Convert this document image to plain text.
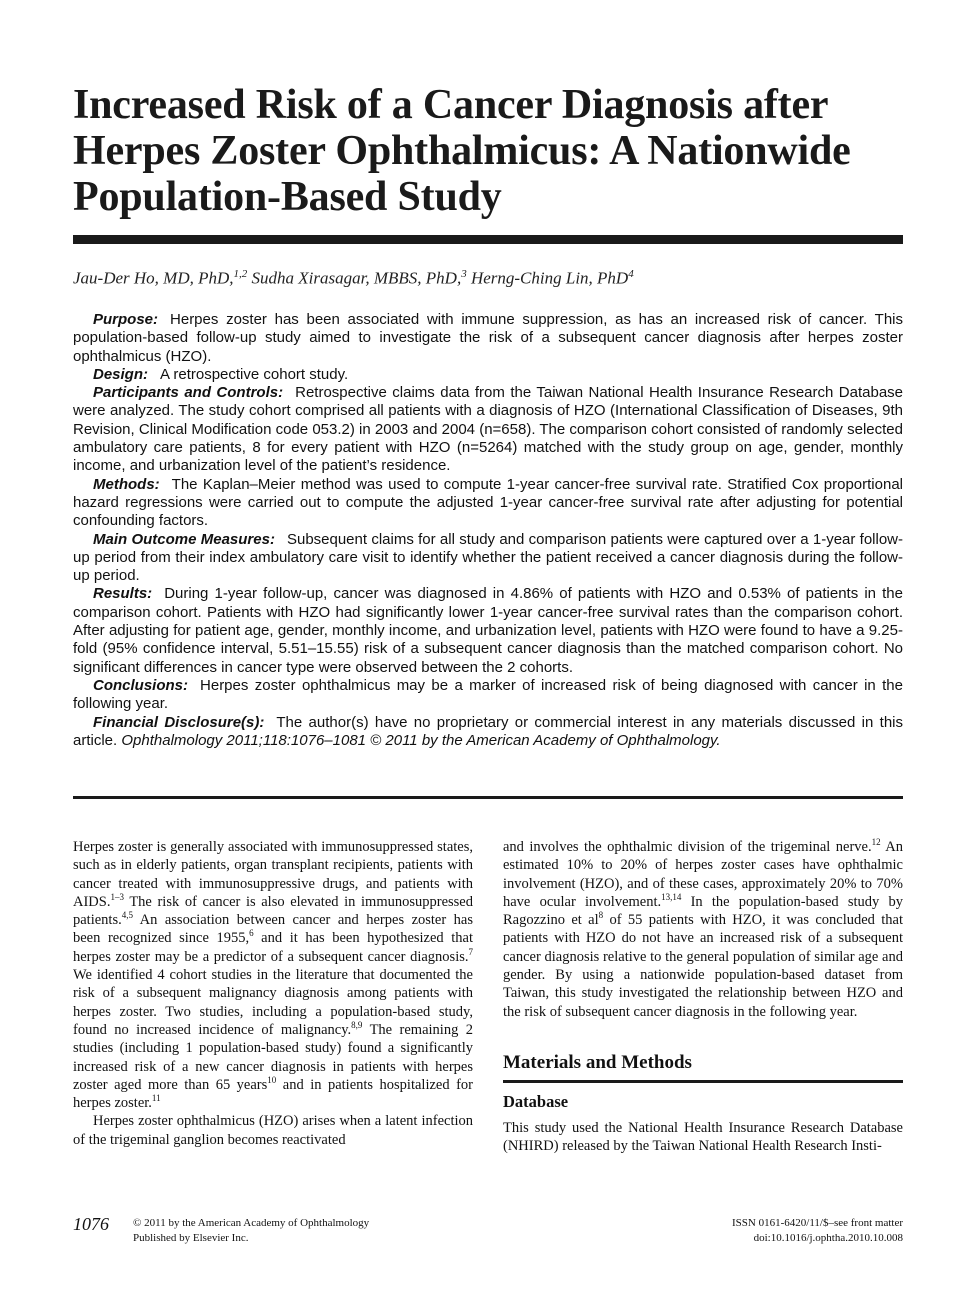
Increased Risk of a Cancer Diagnosis after Herpes Zoster Ophthalmicus: A Nationwide Population-Based Study
Jau-Der Ho, MD, PhD,$^{1,2}$ Sudha Xirasagar, MBBS, PhD,$^3$ Herng-Ching Lin, PhD$^4$

Purpose: Herpes zoster has been associated with immune suppression, as has an increased risk of cancer. This population-based follow-up study aimed to investigate the risk of a subsequent cancer diagnosis after herpes zoster ophthalmicus (HZO).

Design: A retrospective cohort study.

Participants and Controls: Retrospective claims data from the Taiwan National Health Insurance Research Database were analyzed. The study cohort comprised all patients with a diagnosis of HZO (International Classification of Diseases, 9th Revision, Clinical Modification code 053.2) in 2003 and 2004 (n=658). The comparison cohort consisted of randomly selected ambulatory care patients, 8 for every patient with HZO (n=5264) matched with the study group on age, gender, monthly income, and urbanization level of the patient’s residence.

Methods: The Kaplan–Meier method was used to compute 1-year cancer-free survival rate. Stratified Cox proportional hazard regressions were carried out to compute the adjusted 1-year cancer-free survival rate after adjusting for potential confounding factors.

Main Outcome Measures: Subsequent claims for all study and comparison patients were captured over a 1-year follow-up period from their index ambulatory care visit to identify whether the patient received a cancer diagnosis during the follow-up period.

Results: During 1-year follow-up, cancer was diagnosed in 4.86% of patients with HZO and 0.53% of patients in the comparison cohort. Patients with HZO had significantly lower 1-year cancer-free survival rates than the comparison cohort. After adjusting for patient age, gender, monthly income, and urbanization level, patients with HZO were found to have a 9.25-fold (95% confidence interval, 5.51–15.55) risk of a subsequent cancer diagnosis than the matched comparison cohort. No significant differences in cancer type were observed between the 2 cohorts.

Conclusions: Herpes zoster ophthalmicus may be a marker of increased risk of being diagnosed with cancer in the following year.

Financial Disclosure(s): The author(s) have no proprietary or commercial interest in any materials discussed in this article. Ophthalmology 2011;118:1076–1081 © 2011 by the American Academy of Ophthalmology.

Herpes zoster is generally associated with immunosuppressed states, such as in elderly patients, organ transplant recipients, patients with cancer treated with immunosuppressive drugs, and patients with AIDS.$^{1-3}$ The risk of cancer is also elevated in immunosuppressed patients.$^{4,5}$ An association between cancer and herpes zoster has been recognized since 1955,$^6$ and it has been hypothesized that herpes zoster may be a predictor of a subsequent cancer diagnosis.$^7$ We identified 4 cohort studies in the literature that documented the risk of a subsequent malignancy diagnosis among patients with herpes zoster. Two studies, including a population-based study, found no increased incidence of malignancy.$^{8,9}$ The remaining 2 studies (including 1 population-based study) found a significantly increased risk of a new cancer diagnosis in patients with herpes zoster aged more than 65 years$^{10}$ and in patients hospitalized for herpes zoster.$^{11}$

Herpes zoster ophthalmicus (HZO) arises when a latent infection of the trigeminal ganglion becomes reactivated

and involves the ophthalmic division of the trigeminal nerve.$^{12}$ An estimated 10% to 20% of herpes zoster cases have ophthalmic involvement (HZO), and of these cases, approximately 20% to 70% have ocular involvement.$^{13,14}$ In the population-based study by Ragozzino et $al^8$ of 55 patients with HZO, it was concluded that patients with HZO do not have an increased risk of a subsequent cancer diagnosis relative to the general population of similar age and gender. By using a nationwide population-based dataset from Taiwan, this study investigated the relationship between HZO and the risk of subsequent cancer diagnosis in the following year.

Materials and Methods
Database

This study used the National Health Insurance Research Database (NHIRD) released by the Taiwan National Health Research Insti-

1076 © 2011 by the American Academy of Ophthalmology
Published by Elsevier Inc.
ISSN 0161-6420/11/$–see front matter
doi:10.1016/j.ophtha.2010.10.008
